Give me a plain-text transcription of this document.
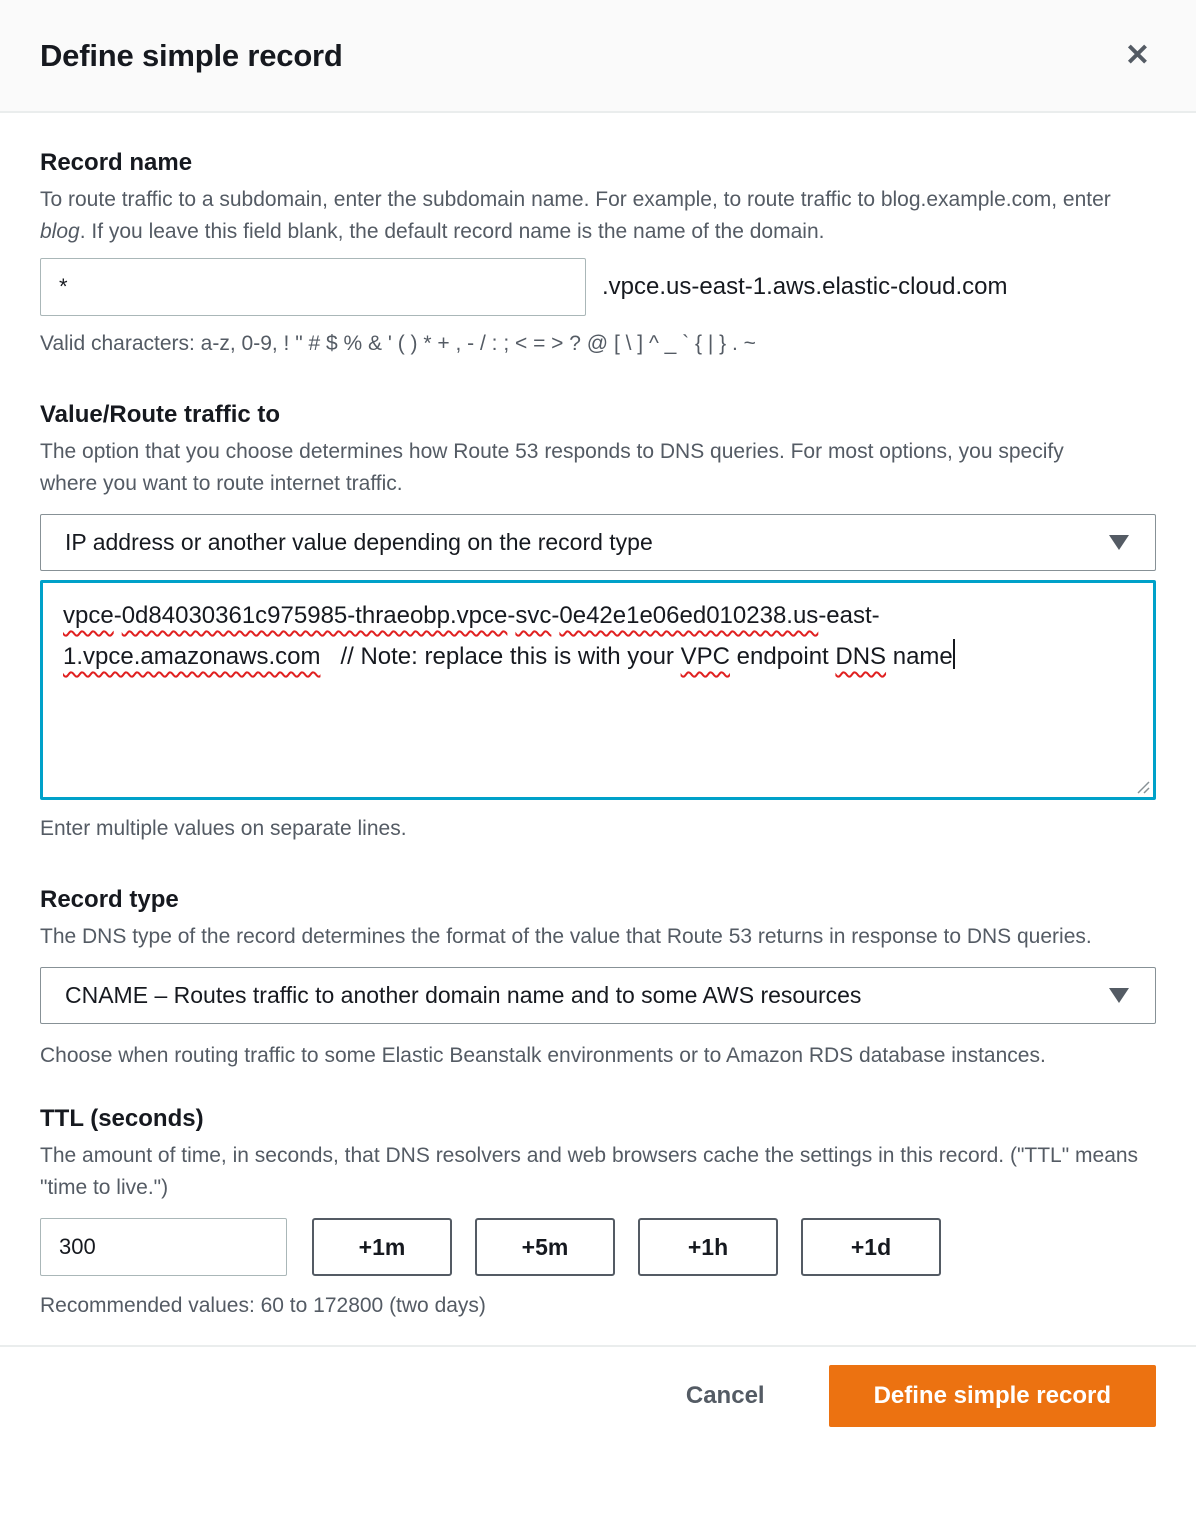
Define simple record	✕
Record name

To route traffic to a subdomain, enter the subdomain name. For example, to route traffic to blog.example.com, enter blog. If you leave this field blank, the default record name is the name of the domain.

*
.vpce.us-east-1.aws.elastic-cloud.com

Valid characters: a-z, 0-9, ! " # $ % & ' ( ) * + , - / : ; < = > ? @ [ \ ] ^ _ ` { | } . ~

Value/Route traffic to

The option that you choose determines how Route 53 responds to DNS queries. For most options, you specify where you want to route internet traffic.

IP address or another value depending on the record type
vpce-0d84030361c975985-thraeobp.vpce-svc-0e42e1e06ed010238.us-east-1.vpce.amazonaws.com   // Note: replace this is with your VPC endpoint DNS name

Enter multiple values on separate lines.

Record type

The DNS type of the record determines the format of the value that Route 53 returns in response to DNS queries.

CNAME – Routes traffic to another domain name and to some AWS resources

Choose when routing traffic to some Elastic Beanstalk environments or to Amazon RDS database instances.

TTL (seconds)

The amount of time, in seconds, that DNS resolvers and web browsers cache the settings in this record. ("TTL" means "time to live.")

300
+1m	+5m	+1h	+1d

Recommended values: 60 to 172800 (two days)

Cancel	Define simple record
